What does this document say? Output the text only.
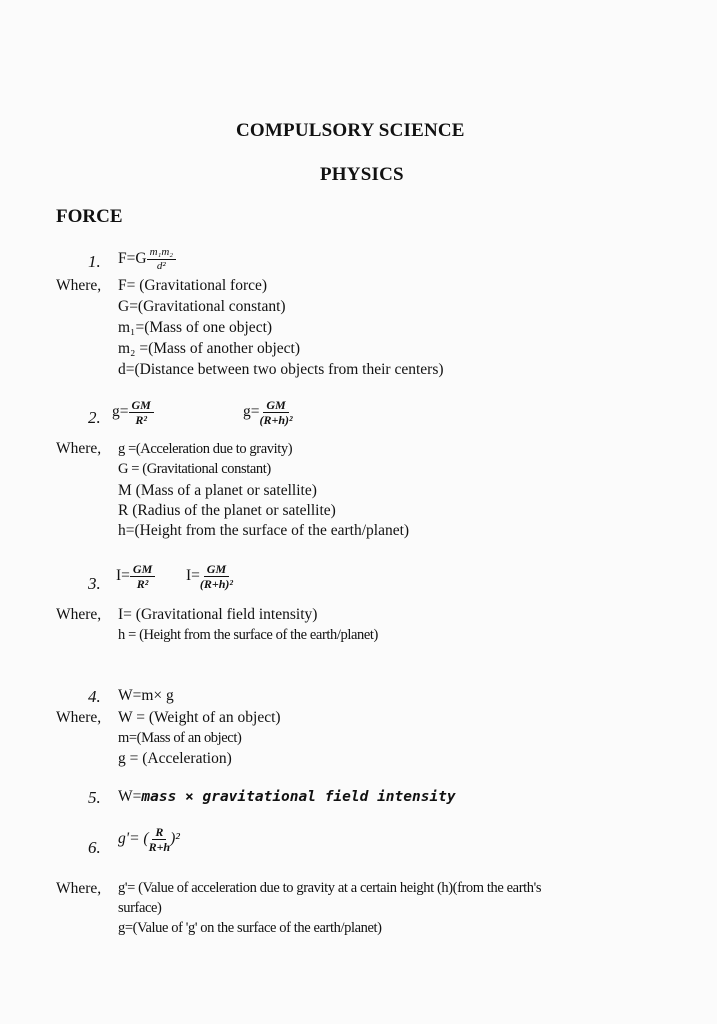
COMPULSORY SCIENCE
PHYSICS
FORCE
1. $F=G \frac{\text{m₁m₂}}{\text{d²}}$
Where, F= (Gravitational force)
G=(Gravitational constant)
m₁=(Mass of one object)
m₂ =(Mass of another object)
d=(Distance between two objects from their centers)
2. $g= \frac{GM}{\text{R²}}$	$g= \frac{GM}{\text{(R+h)²}}$
Where, g =(Acceleration due to gravity)
G = (Gravitational constant)
M (Mass of a planet or satellite)
R (Radius of the planet or satellite)
h=(Height from the surface of the earth/planet)
3. $I= \frac{GM}{\text{R²}} I= \frac{GM}{\text{(R+h)²}}$
Where, I= (Gravitational field intensity)
h = (Height from the surface of the earth/planet)
4. W=m× g
Where, W = (Weight of an object)
m=(Mass of an object)
g = (Acceleration)
5. W=mass × gravitational field intensity
6. g'= ( $\frac{R}{R+h} )^2$
Where, g'= (Value of acceleration due to gravity at a certain height (h)(from the earth's
surface)
g=(Value of 'g' on the surface of the earth/planet)
